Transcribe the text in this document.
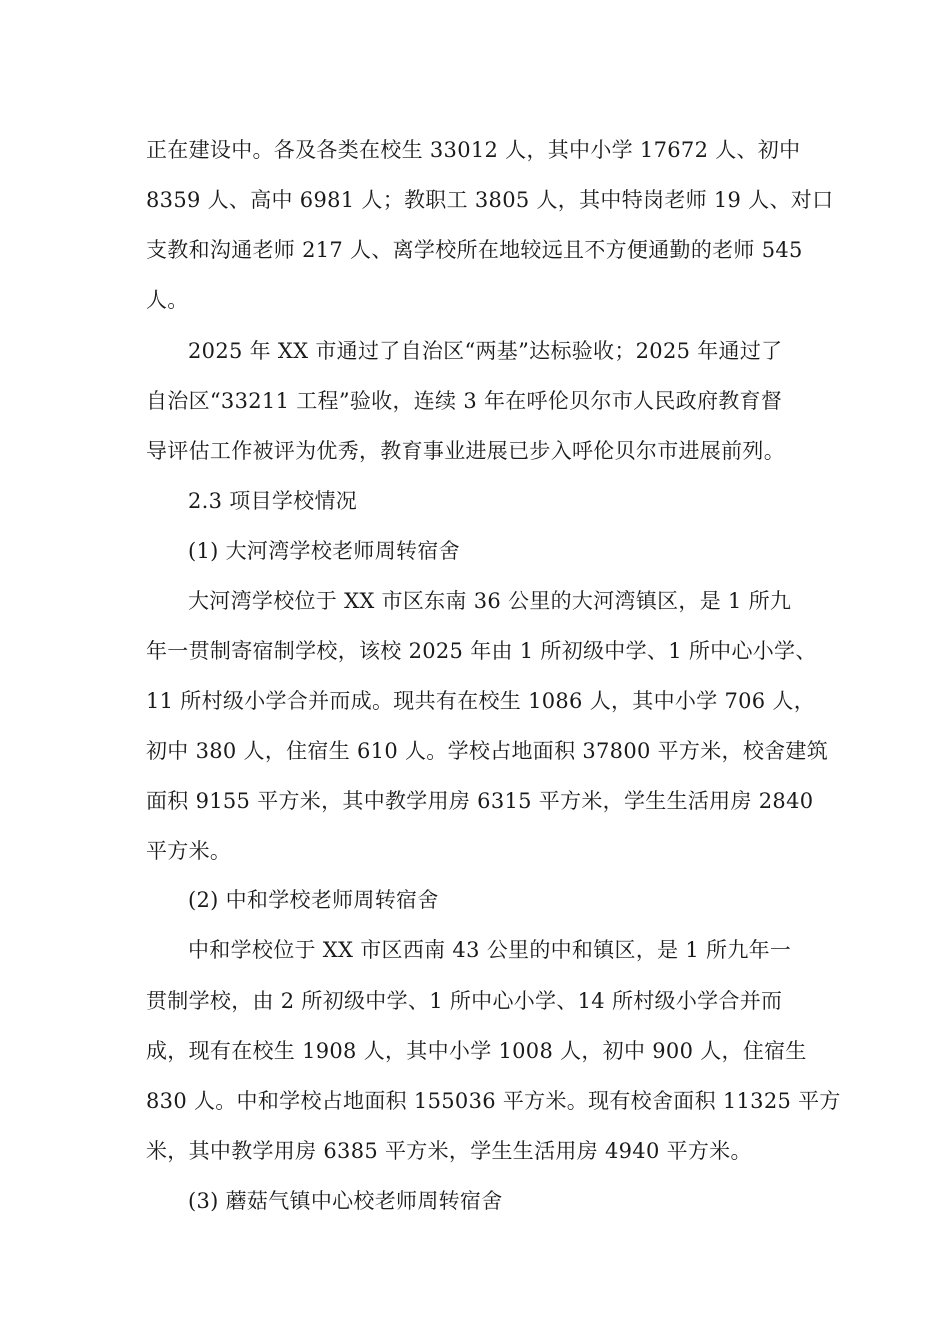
正在建设中。各及各类在校生 33012 人，其中小学 17672 人、初中
8359 人、高中 6981 人；教职工 3805 人，其中特岗老师 19 人、对口
支教和沟通老师 217 人、离学校所在地较远且不方便通勤的老师 545
人。
2025 年 XX 市通过了自治区“两基”达标验收；2025 年通过了
自治区“33211 工程”验收，连续 3 年在呼伦贝尔市人民政府教育督
导评估工作被评为优秀，教育事业进展已步入呼伦贝尔市进展前列。
2.3 项目学校情况
(1) 大河湾学校老师周转宿舍
大河湾学校位于 XX 市区东南 36 公里的大河湾镇区，是 1 所九
年一贯制寄宿制学校，该校 2025 年由 1 所初级中学、1 所中心小学、
11 所村级小学合并而成。现共有在校生 1086 人，其中小学 706 人，
初中 380 人，住宿生 610 人。学校占地面积 37800 平方米，校舍建筑
面积 9155 平方米，其中教学用房 6315 平方米，学生生活用房 2840
平方米。
(2) 中和学校老师周转宿舍
中和学校位于 XX 市区西南 43 公里的中和镇区，是 1 所九年一
贯制学校，由 2 所初级中学、1 所中心小学、14 所村级小学合并而
成，现有在校生 1908 人，其中小学 1008 人，初中 900 人，住宿生
830 人。中和学校占地面积 155036 平方米。现有校舍面积 11325 平方
米，其中教学用房 6385 平方米，学生生活用房 4940 平方米。
(3) 蘑菇气镇中心校老师周转宿舍
